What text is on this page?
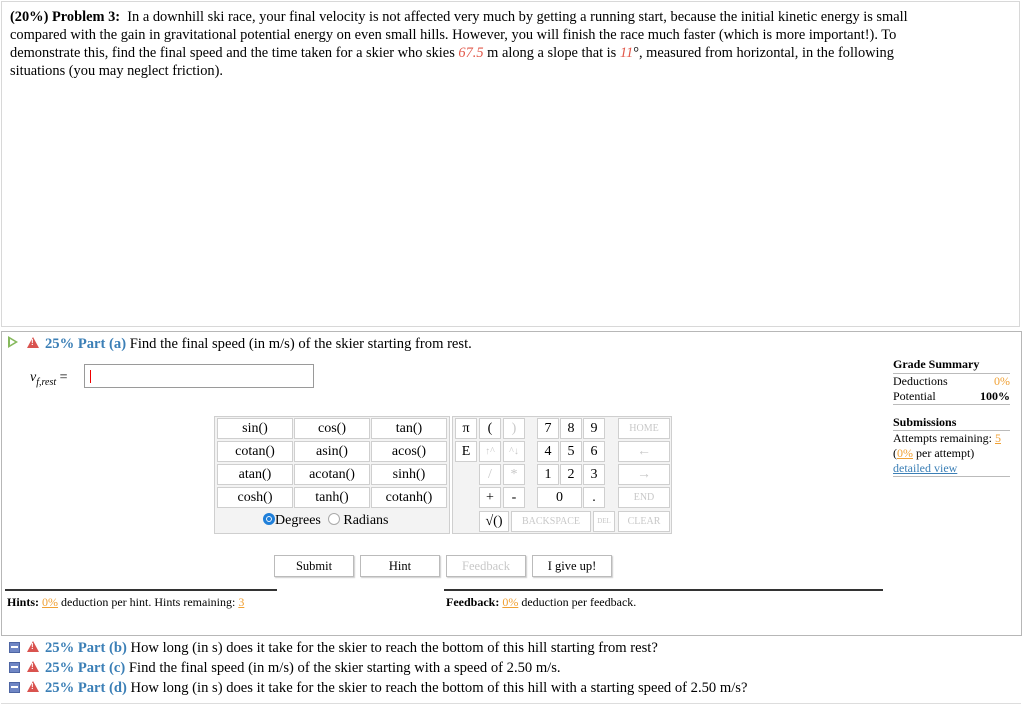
(20%) Problem 3: In a downhill ski race, your final velocity is not affected very much by getting a running start, because the initial kinetic energy is small compared with the gain in gravitational potential energy on even small hills. However, you will finish the race much faster (which is more important!). To demonstrate this, find the final speed and the time taken for a skier who skies 67.5 m along a slope that is 11°, measured from horizontal, in the following situations (you may neglect friction).
!
25% Part (a) Find the final speed (in m/s) of the skier starting from rest.
$v_{f,rest}$ =
Grade Summary
Deductions	0%
Potential	100%
Submissions
Attempts remaining: 5
(0% per attempt)
detailed view
sin()	cos()	tan()
cotan()	asin()	acos()
atan()	acotan()	sinh()
cosh()	tanh()	cotanh()
Degrees Radians
π	(	)	7	8	9	HOME
E	↑^	^↓	4	5	6	←
/	*	1	2	3	→
+	-	0	.	END
√()	BACKSPACE	DEL	CLEAR
Submit	Hint	Feedback	I give up!
Hints: 0% deduction per hint. Hints remaining: 3	Feedback: 0% deduction per feedback.
!
25% Part (b) How long (in s) does it take for the skier to reach the bottom of this hill starting from rest?
!
25% Part (c) Find the final speed (in m/s) of the skier starting with a speed of 2.50 m/s.
!
25% Part (d) How long (in s) does it take for the skier to reach the bottom of this hill with a starting speed of 2.50 m/s?
